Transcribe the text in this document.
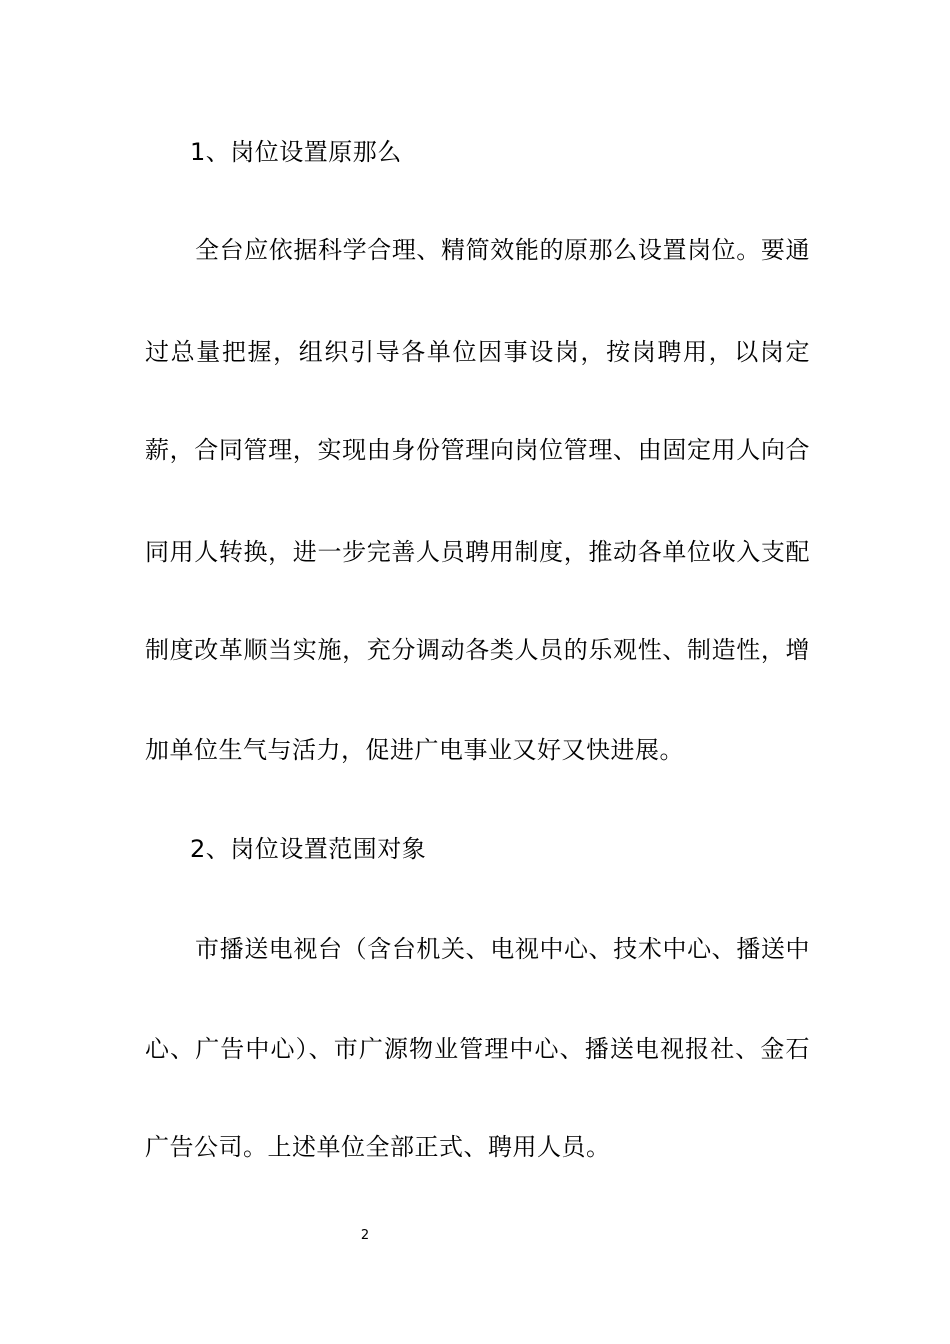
1、岗位设置原那么
全台应依据科学合理、精简效能的原那么设置岗位。要通
过总量把握，组织引导各单位因事设岗，按岗聘用，以岗定
薪，合同管理，实现由身份管理向岗位管理、由固定用人向合
同用人转换，进一步完善人员聘用制度，推动各单位收入支配
制度改革顺当实施，充分调动各类人员的乐观性、制造性，增
加单位生气与活力，促进广电事业又好又快进展。
2、岗位设置范围对象
市播送电视台（含台机关、电视中心、技术中心、播送中
心、广告中心）、市广源物业管理中心、播送电视报社、金石
广告公司。上述单位全部正式、聘用人员。
2
